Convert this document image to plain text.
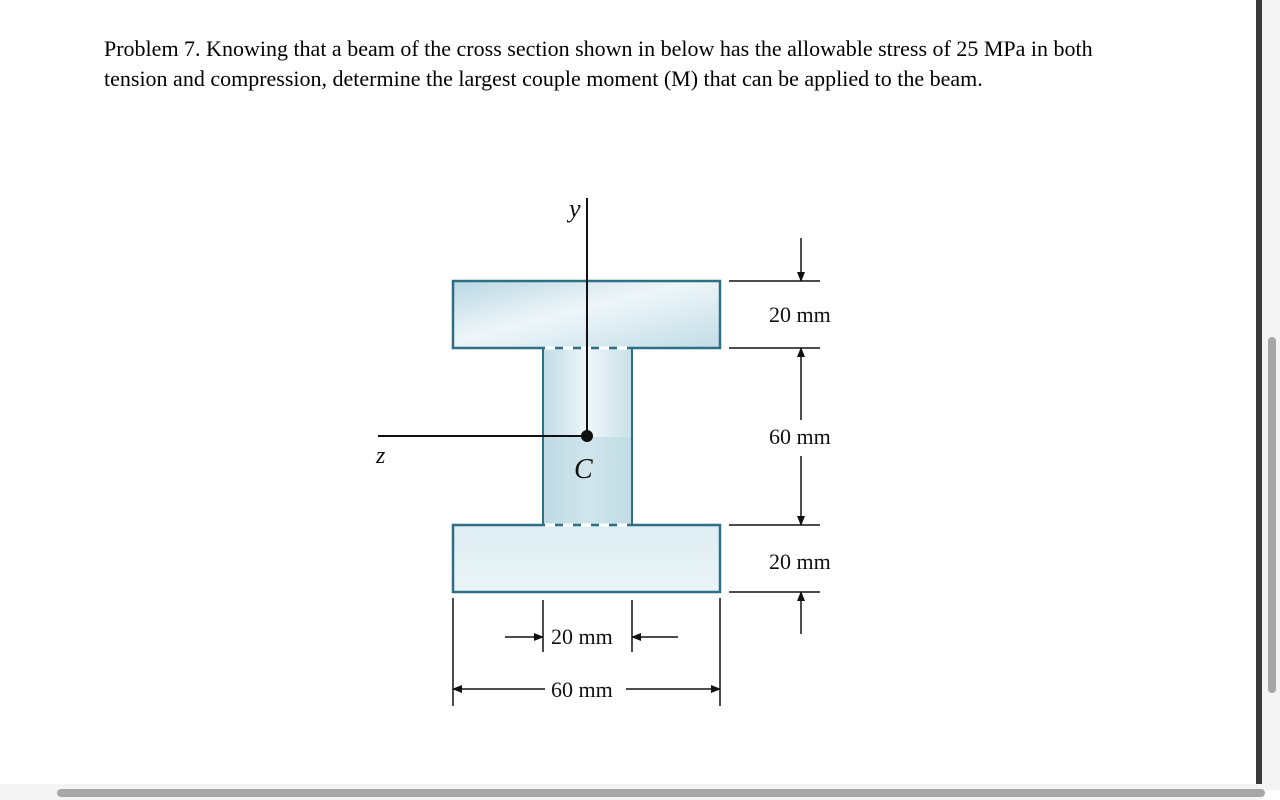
Problem 7. Knowing that a beam of the cross section shown in below has the allowable stress of 25 MPa in both tension and compression, determine the largest couple moment (M) that can be applied to the beam.

y
z	C
20 mm
60 mm
20 mm
20 mm
60 mm
